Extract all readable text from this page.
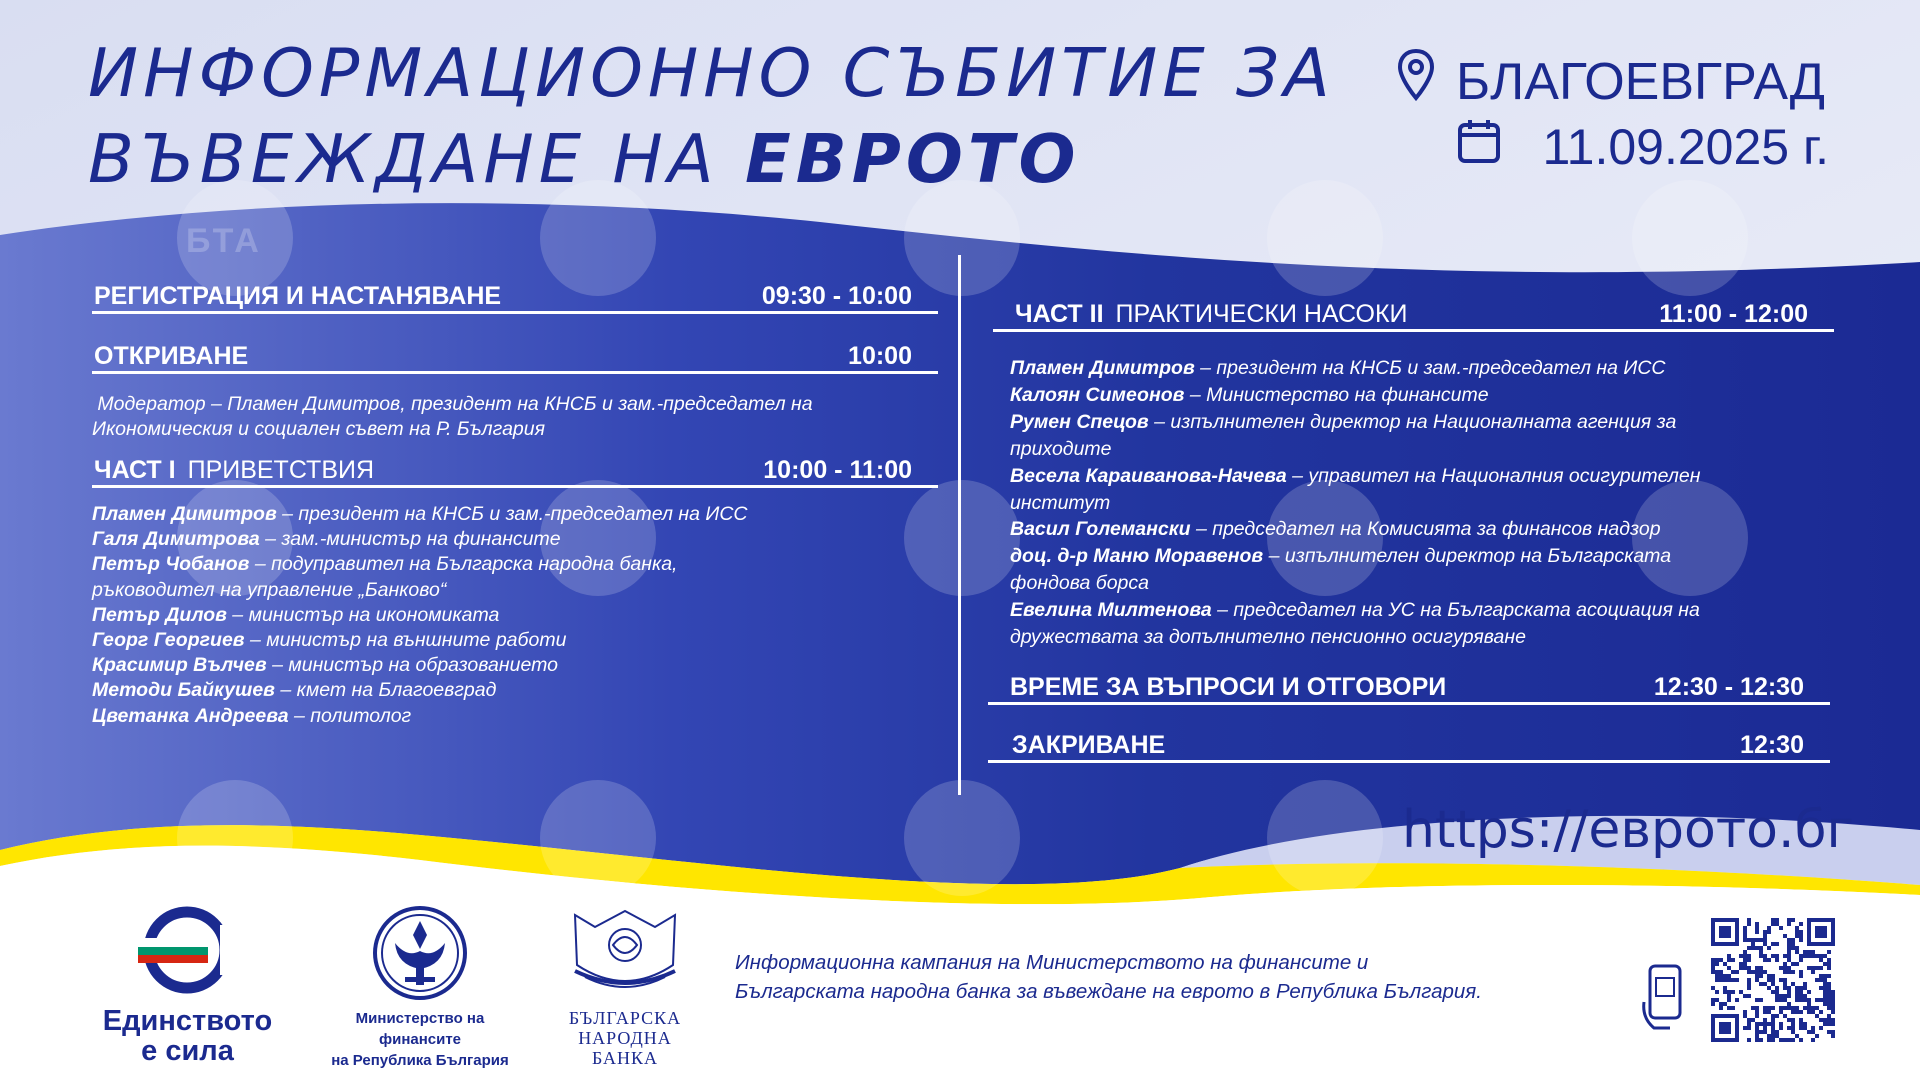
БТА
ИНФОРМАЦИОННО СЪБИТИЕ ЗА
ВЪВЕЖДАНЕ НА ЕВРОТО
БЛАГОЕВГРАД
11.09.2025 г.
РЕГИСТРАЦИЯ И НАСТАНЯВАНЕ	09:30 - 10:00
ОТКРИВАНЕ	10:00
Модератор – Пламен Димитров, президент на КНСБ и зам.-председател на
Икономическия и социален съвет на Р. България
ЧАСТ I ПРИВЕТСТВИЯ	10:00 - 11:00
Пламен Димитров – президент на КНСБ и зам.-председател на ИСС
Галя Димитрова – зам.-министър на финансите
Петър Чобанов – подуправител на Българска народна банка,
ръководител на управление „Банково“
Петър Дилов – министър на икономиката
Георг Георгиев – министър на външните работи
Красимир Вълчев – министър на образованието
Методи Байкушев – кмет на Благоевград
Цветанка Андреева – политолог
ЧАСТ II ПРАКТИЧЕСКИ НАСОКИ	11:00 - 12:00
Пламен Димитров – президент на КНСБ и зам.-председател на ИСС
Калоян Симеонов – Министерство на финансите
Румен Спецов – изпълнителен директор на Националната агенция за
приходите
Весела Караиванова-Начева – управител на Националния осигурителен
институт
Васил Големански – председател на Комисията за финансов надзор
доц. д-р Маню Моравенов – изпълнителен директор на Българската
фондова борса
Евелина Милтенова – председател на УС на Българската асоциация на
дружествата за допълнително пенсионно осигуряване
ВРЕМЕ ЗА ВЪПРОСИ И ОТГОВОРИ	12:30 - 12:30
ЗАКРИВАНЕ	12:30
https://еврото.бг
Единството
е сила
Министерство на финансите
на Република България
БЪЛГАРСКА
НАРОДНА БАНКА
Информационна кампания на Министерството на финансите и
Българската народна банка за въвеждане на еврото в Република България.
